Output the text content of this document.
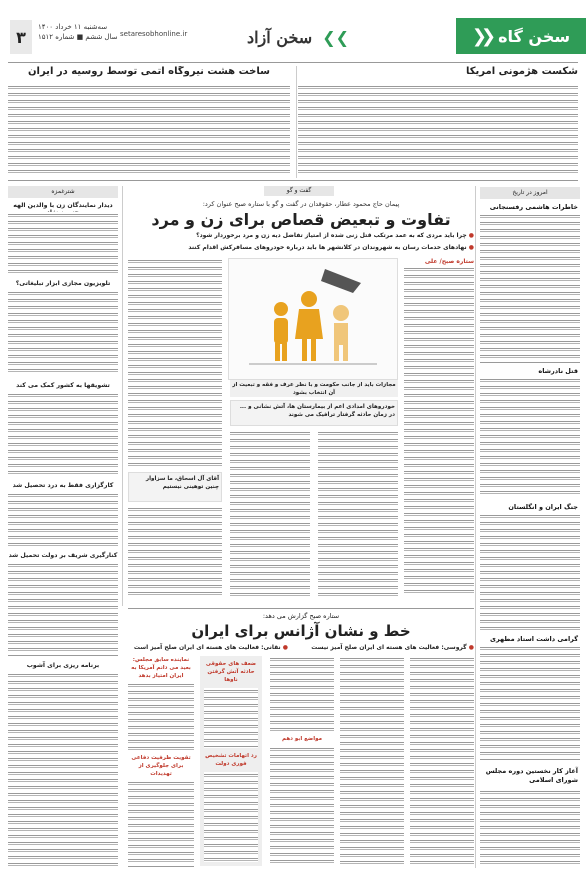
سخن گاه
❮❮
❯❯
سخن آزاد
۳
سه‌شنبه ۱۱ خرداد ۱۴۰۰
سال ششم ■ شماره ۱۵۱۲ setaresobhonline.ir
شکست هژمونی آمریکا
ساخت هشت نیروگاه اتمی توسط روسیه در ایران
امروز در تاریخ
خاطرات هاشمی رفسنجانی
قتل نادرشاه
جنگ ایران و انگلستان
گرامی داشت استاد مطهری
آغاز کار نخستین دوره مجلس شورای اسلامی
گفت و گو
پیمان حاج محمود عطار، حقوقدان در گفت و گو با ستاره صبح عنوان کرد:
تفاوت و تبعیض قصاص برای زن و مرد
● چرا باید مردی که به عمد مرتکب قتل زنی شده از امتیاز تفاضل دیه زن و مرد برخوردار شود؟
● نهادهای خدمات رسان به شهروندان در کلانشهر ها باید درباره خودروهای مسافرکش اقدام کنند
ستاره صبح/ علی
مجازات باید از جانب حکومت و با نظر عرف و فقه و تبعیت از آن انتخاب بشود
خودروهای امدادی اعم از بیمارستان ها، آتش نشانی و ... در زمان حادثه گرفتار ترافیک می شوند
آقای آل اسحاق، ما سزاوار چنین توهینی نیستیم
شترغمزه
دیدار نمایندگان زن با والدین الهه
تلویزیون مجازی ابزار تبلیغاتی؟
تشویقها به کشور کمک می کند
کارگزاری فقط به درد تحصیل شد
کنارگیری شریف بر دولت تحمیل شد
برنامه ریزی برای آشوب
ستاره صبح گزارش می دهد:
خط و نشان آژانس برای ایران
● گروسی: فعالیت های هسته ای ایران صلح آمیز نیست
● نقانی: فعالیت های هسته ای ایران صلح آمیز است
مواضع ابو دهم
ضعف های حقوقی حادثه آتش گرفتن ناوها
رد اتهامات تشخیص فوری دولت
نماینده سابق مجلس: بعید می دانم آمریکا به ایران امتیاز بدهد
تقویت ظرفیت دفاعی برای جلوگیری از تهدیدات
